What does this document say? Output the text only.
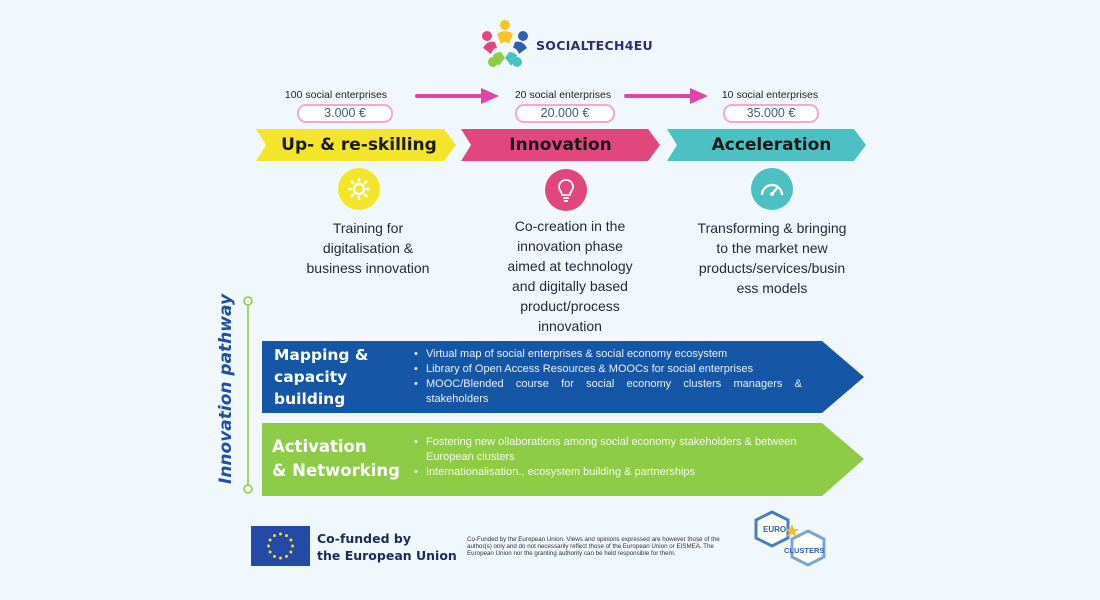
SOCIALTECH4EU
100 social enterprises
3.000 €
20 social enterprises
20.000 €
10 social enterprises
35.000 €
Up- & re-skilling	Innovation	Acceleration
Training for
digitalisation &
business innovation
Co-creation in the
innovation phase
aimed at technology
and digitally based
product/process
innovation
Transforming & bringing
to the market new
products/services/busin
ess models
Innovation pathway Mapping &
capacity
building
• Virtual map of social enterprises & social economy ecosystem
• Library of Open Access Resources & MOOCs for social enterprises
• MOOC/Blended course for social economy clusters managers & stakeholders
Activation
& Networking
• Fostering new ollaborations among social economy stakeholders & between European clusters
• Internationalisation., ecosystem building & partnerships
Co-funded by
the European Union
Co-Funded by the European Union. Views and opinions expressed are however those of the author(s) only and do not necessarily reflect those of the European Union or EISMEA. The European Union nor the granting authority can be held responsible for them.
EURO
CLUSTERS
